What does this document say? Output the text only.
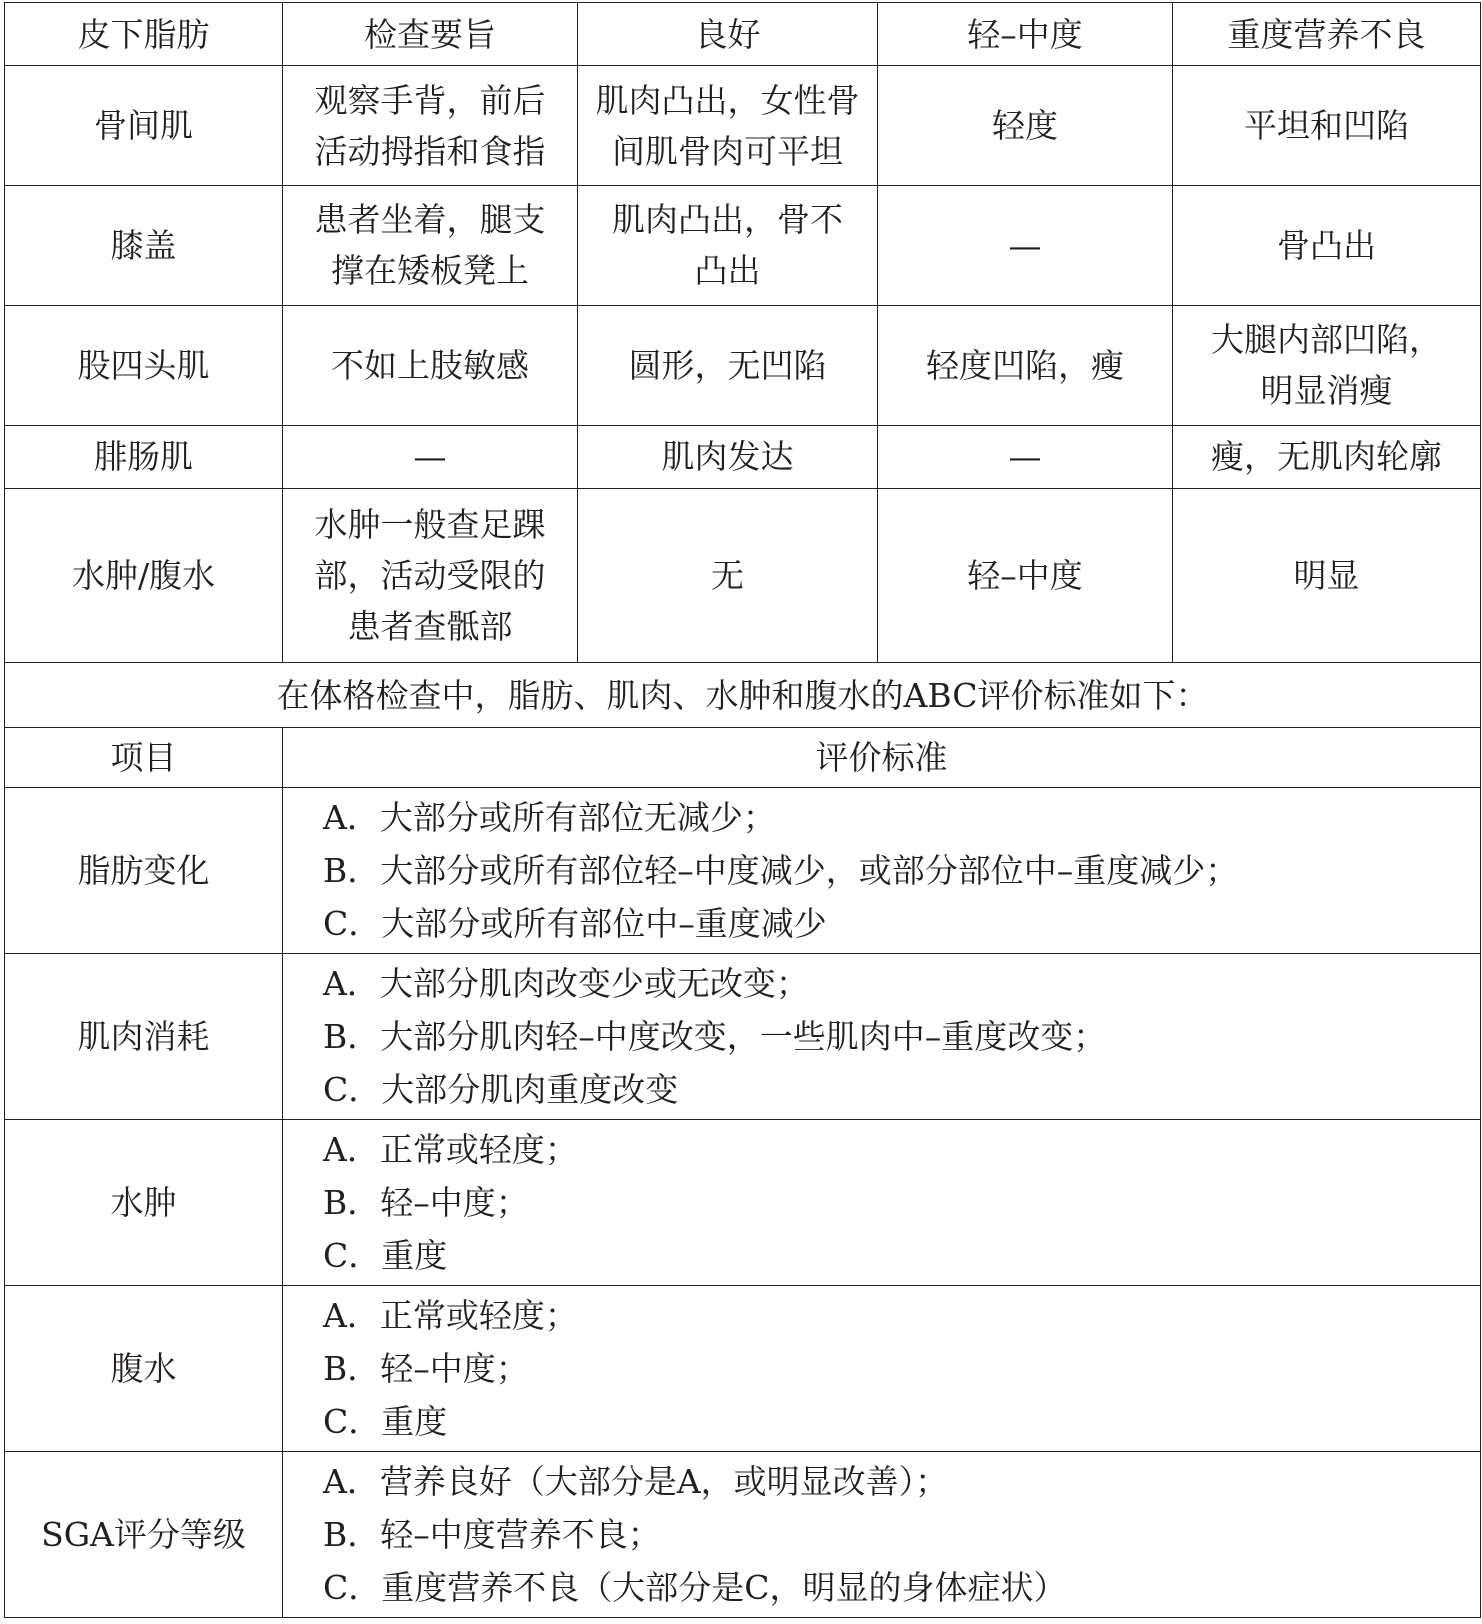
皮下脂肪	检查要旨	良好	轻–中度	重度营养不良

骨间肌	观察手背，前后
活动拇指和食指	肌肉凸出，女性骨
间肌骨肉可平坦	轻度	平坦和凹陷

膝盖	患者坐着，腿支
撑在矮板凳上	肌肉凸出，骨不
凸出	—	骨凸出

股四头肌	不如上肢敏感	圆形，无凹陷	轻度凹陷，瘦	大腿内部凹陷，
明显消瘦

腓肠肌	—	肌肉发达	—	瘦，无肌肉轮廓

水肿/腹水	水肿一般查足踝
部，活动受限的
患者查骶部	无	轻–中度	明显

在体格检查中，脂肪、肌肉、水肿和腹水的ABC评价标准如下：				
项目	评价标准			
脂肪变化	A．大部分或所有部位无减少；
B．大部分或所有部位轻–中度减少，或部分部位中–重度减少；
C．大部分或所有部位中–重度减少			

肌肉消耗	A．大部分肌肉改变少或无改变；
B．大部分肌肉轻–中度改变，一些肌肉中–重度改变；
C．大部分肌肉重度改变			

水肿	A．正常或轻度；
B．轻–中度；
C．重度			

腹水	A．正常或轻度；
B．轻–中度；
C．重度			

SGA评分等级	A．营养良好（大部分是A，或明显改善）；
B．轻–中度营养不良；
C．重度营养不良（大部分是C，明显的身体症状）			
